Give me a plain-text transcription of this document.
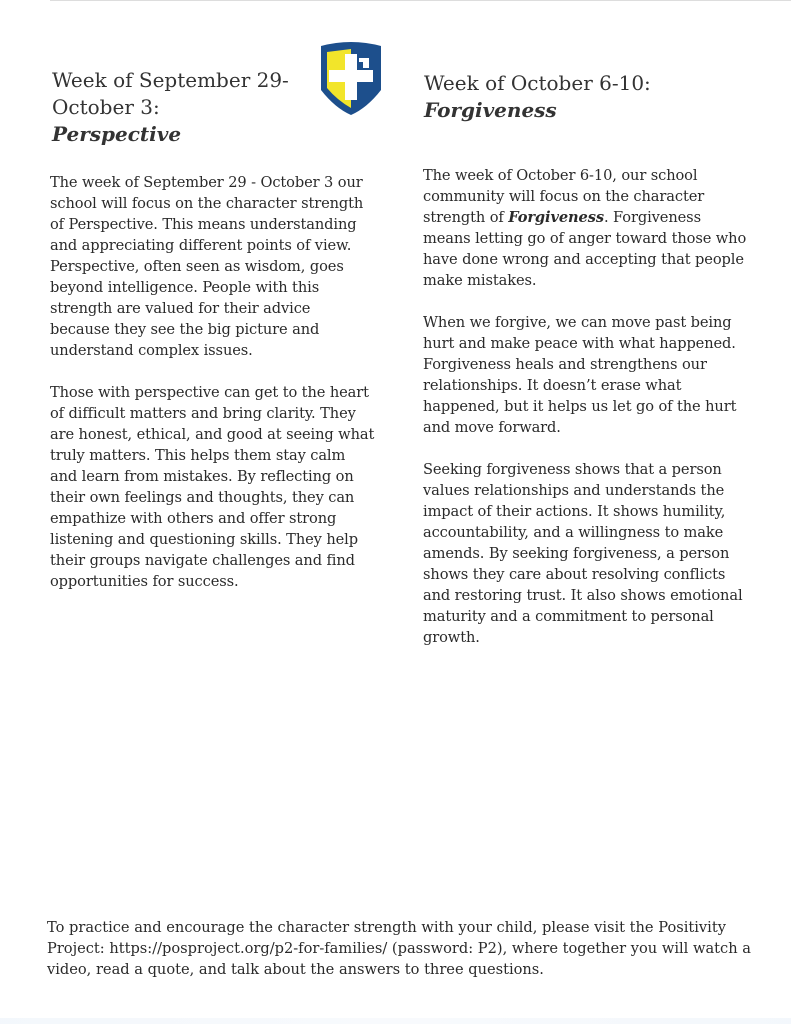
Week of September 29-
October 3:
Perspective
Week of October 6-10:
Forgiveness
The week of September 29 - October 3 our
school will focus on the character strength
of Perspective. This means understanding
and appreciating different points of view.
Perspective, often seen as wisdom, goes
beyond intelligence. People with this
strength are valued for their advice
because they see the big picture and
understand complex issues.
Those with perspective can get to the heart
of difficult matters and bring clarity. They
are honest, ethical, and good at seeing what
truly matters. This helps them stay calm
and learn from mistakes. By reflecting on
their own feelings and thoughts, they can
empathize with others and offer strong
listening and questioning skills. They help
their groups navigate challenges and find
opportunities for success.
The week of October 6-10, our school
community will focus on the character
strength of Forgiveness. Forgiveness
means letting go of anger toward those who
have done wrong and accepting that people
make mistakes.
When we forgive, we can move past being
hurt and make peace with what happened.
Forgiveness heals and strengthens our
relationships. It doesn’t erase what
happened, but it helps us let go of the hurt
and move forward.
Seeking forgiveness shows that a person
values relationships and understands the
impact of their actions. It shows humility,
accountability, and a willingness to make
amends. By seeking forgiveness, a person
shows they care about resolving conflicts
and restoring trust. It also shows emotional
maturity and a commitment to personal
growth.
To practice and encourage the character strength with your child, please visit the Positivity
Project: https://posproject.org/p2-for-families/ (password: P2), where together you will watch a
video, read a quote, and talk about the answers to three questions.
